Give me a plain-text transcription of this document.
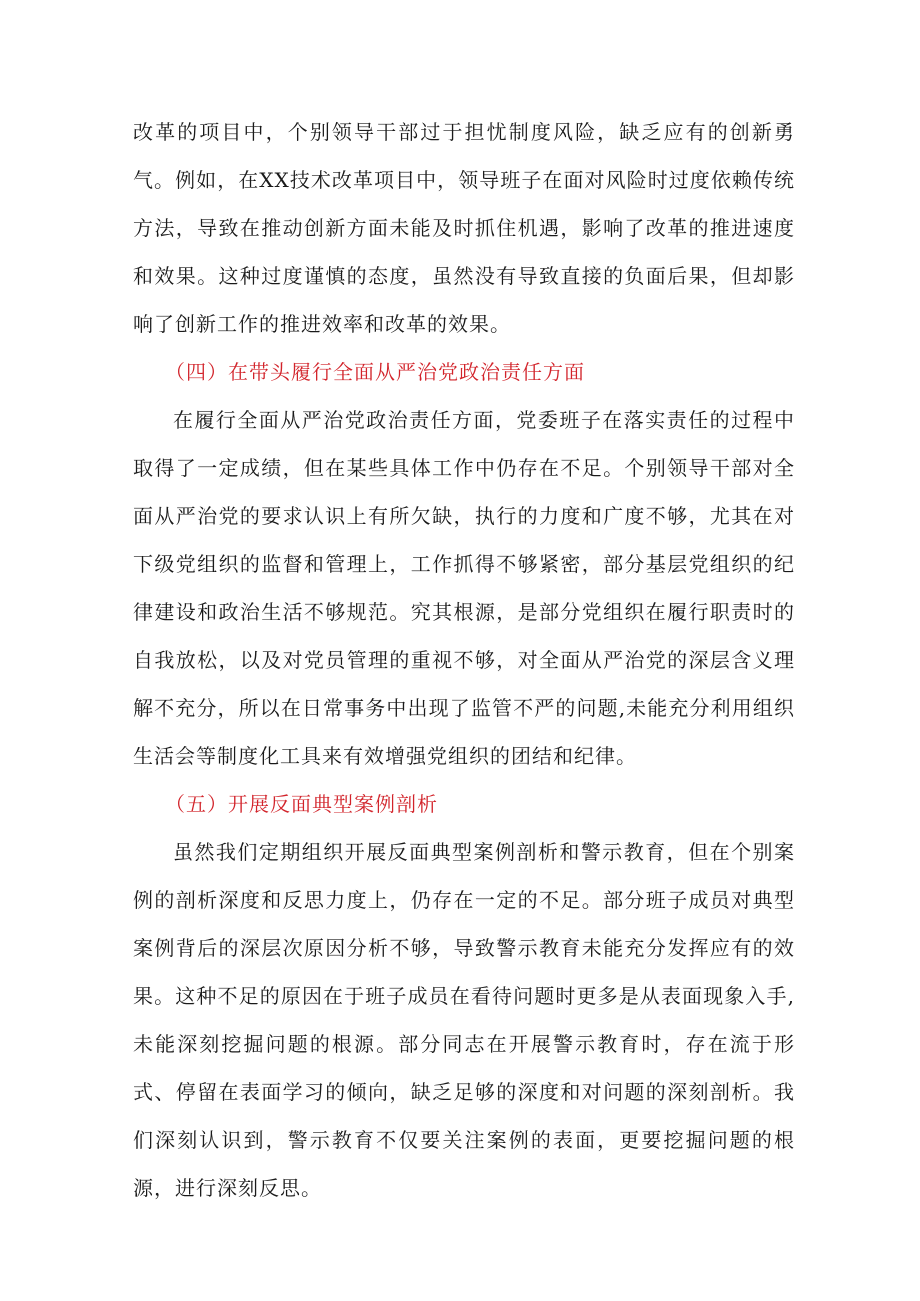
改革的项目中，个别领导干部过于担忧制度风险，缺乏应有的创新勇气。例如，在XX技术改革项目中，领导班子在面对风险时过度依赖传统方法，导致在推动创新方面未能及时抓住机遇，影响了改革的推进速度和效果。这种过度谨慎的态度，虽然没有导致直接的负面后果，但却影响了创新工作的推进效率和改革的效果。

（四）在带头履行全面从严治党政治责任方面

在履行全面从严治党政治责任方面，党委班子在落实责任的过程中取得了一定成绩，但在某些具体工作中仍存在不足。个别领导干部对全面从严治党的要求认识上有所欠缺，执行的力度和广度不够，尤其在对下级党组织的监督和管理上，工作抓得不够紧密，部分基层党组织的纪律建设和政治生活不够规范。究其根源，是部分党组织在履行职责时的自我放松，以及对党员管理的重视不够，对全面从严治党的深层含义理解不充分，所以在日常事务中出现了监管不严的问题,未能充分利用组织生活会等制度化工具来有效增强党组织的团结和纪律。

（五）开展反面典型案例剖析

虽然我们定期组织开展反面典型案例剖析和警示教育，但在个别案例的剖析深度和反思力度上，仍存在一定的不足。部分班子成员对典型案例背后的深层次原因分析不够，导致警示教育未能充分发挥应有的效果。这种不足的原因在于班子成员在看待问题时更多是从表面现象入手,未能深刻挖掘问题的根源。部分同志在开展警示教育时，存在流于形式、停留在表面学习的倾向，缺乏足够的深度和对问题的深刻剖析。我们深刻认识到，警示教育不仅要关注案例的表面，更要挖掘问题的根源，进行深刻反思。
